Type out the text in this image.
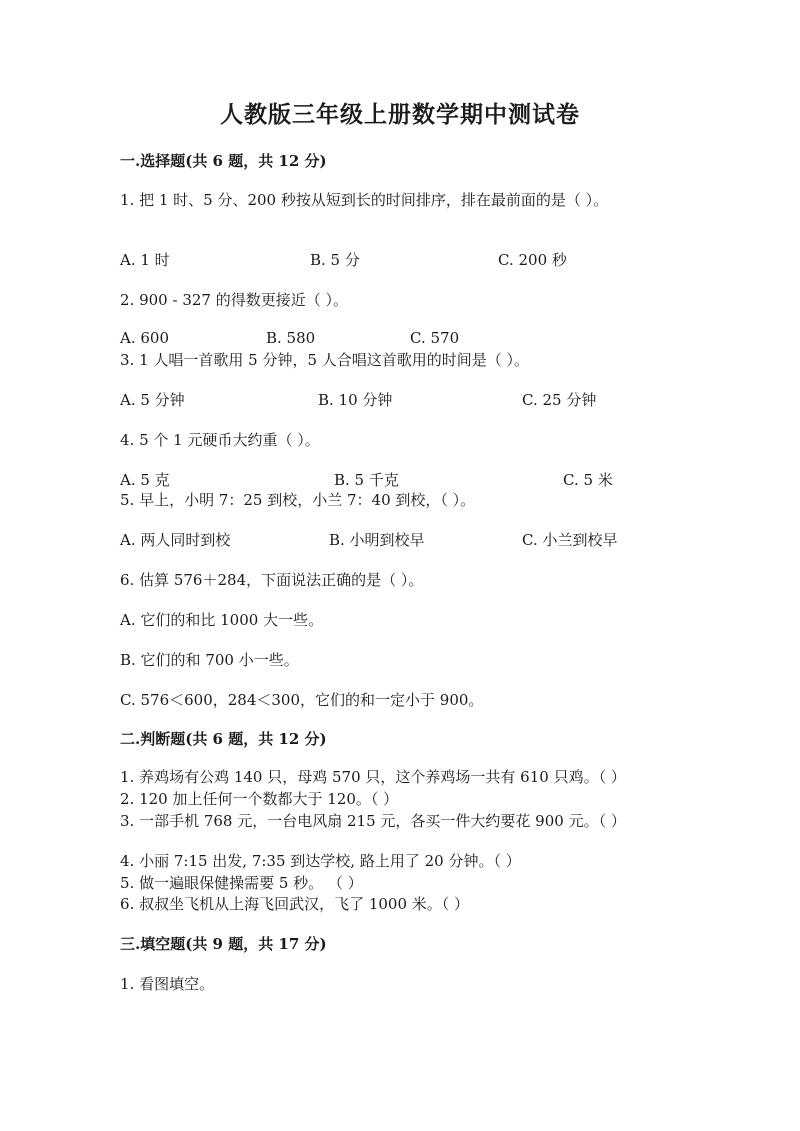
人教版三年级上册数学期中测试卷
一.选择题(共 6 题，共 12 分)
1. 把 1 时、5 分、200 秒按从短到长的时间排序，排在最前面的是（ ）。
A. 1 时	B. 5 分	C. 200 秒
2. 900 - 327 的得数更接近（ ）。
A. 600	B. 580	C. 570
3. 1 人唱一首歌用 5 分钟，5 人合唱这首歌用的时间是（ ）。
A. 5 分钟	B. 10 分钟	C. 25 分钟
4. 5 个 1 元硬币大约重（ ）。
A. 5 克	B. 5 千克	C. 5 米
5. 早上，小明 7：25 到校，小兰 7：40 到校，（ ）。
A. 两人同时到校	B. 小明到校早	C. 小兰到校早
6. 估算 576＋284，下面说法正确的是（ ）。
A. 它们的和比 1000 大一些。
B. 它们的和 700 小一些。
C. 576＜600，284＜300，它们的和一定小于 900。
二.判断题(共 6 题，共 12 分)
1. 养鸡场有公鸡 140 只，母鸡 570 只，这个养鸡场一共有 610 只鸡。（ ）
2. 120 加上任何一个数都大于 120。（ ）
3. 一部手机 768 元，一台电风扇 215 元，各买一件大约要花 900 元。（ ）
4. 小丽 7:15 出发, 7:35 到达学校, 路上用了 20 分钟。（ ）
5. 做一遍眼保健操需要 5 秒。 （ ）
6. 叔叔坐飞机从上海飞回武汉，飞了 1000 米。（ ）
三.填空题(共 9 题，共 17 分)
1. 看图填空。
